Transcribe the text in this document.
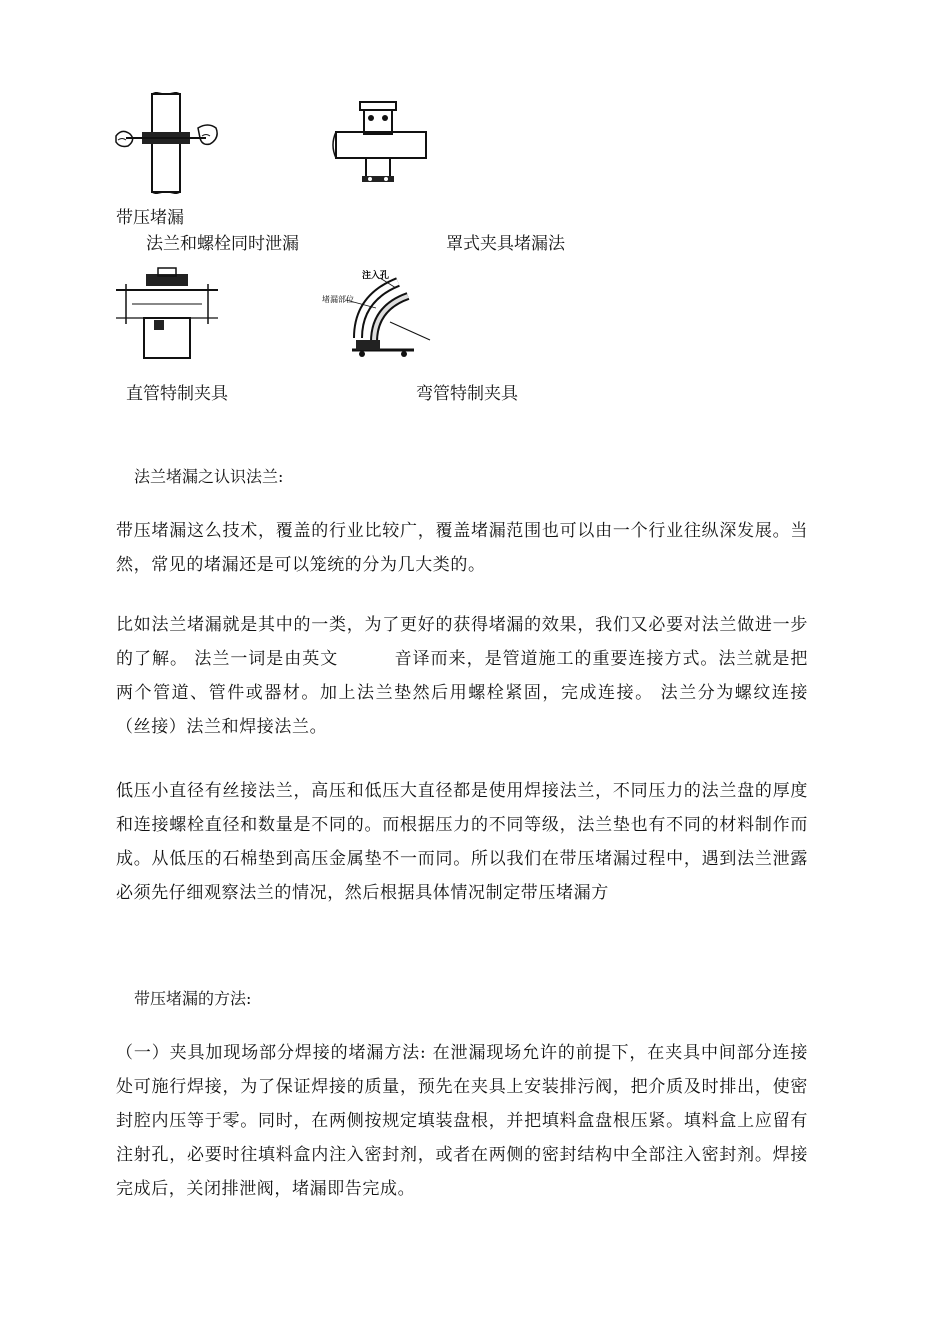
带压堵漏
法兰和螺栓同时泄漏	罩式夹具堵漏法
注入孔
堵漏部位
直管特制夹具	弯管特制夹具
法兰堵漏之认识法兰:

带压堵漏这么技术，覆盖的行业比较广，覆盖堵漏范围也可以由一个行业往纵深发展。当然，常见的堵漏还是可以笼统的分为几大类的。

比如法兰堵漏就是其中的一类，为了更好的获得堵漏的效果，我们又必要对法兰做进一步的了解。 法兰一词是由英文	音译而来，是管道施工的重要连接方式。法兰就是把两个管道、管件或器材。加上法兰垫然后用螺栓紧固，完成连接。 法兰分为螺纹连接（丝接）法兰和焊接法兰。

低压小直径有丝接法兰，高压和低压大直径都是使用焊接法兰，不同压力的法兰盘的厚度和连接螺栓直径和数量是不同的。而根据压力的不同等级，法兰垫也有不同的材料制作而成。从低压的石棉垫到高压金属垫不一而同。所以我们在带压堵漏过程中，遇到法兰泄露必须先仔细观察法兰的情况，然后根据具体情况制定带压堵漏方

带压堵漏的方法:

（一）夹具加现场部分焊接的堵漏方法: 在泄漏现场允许的前提下，在夹具中间部分连接处可施行焊接，为了保证焊接的质量，预先在夹具上安装排污阀，把介质及时排出，使密封腔内压等于零。同时，在两侧按规定填装盘根，并把填料盒盘根压紧。填料盒上应留有注射孔，必要时往填料盒内注入密封剂，或者在两侧的密封结构中全部注入密封剂。焊接完成后，关闭排泄阀，堵漏即告完成。
